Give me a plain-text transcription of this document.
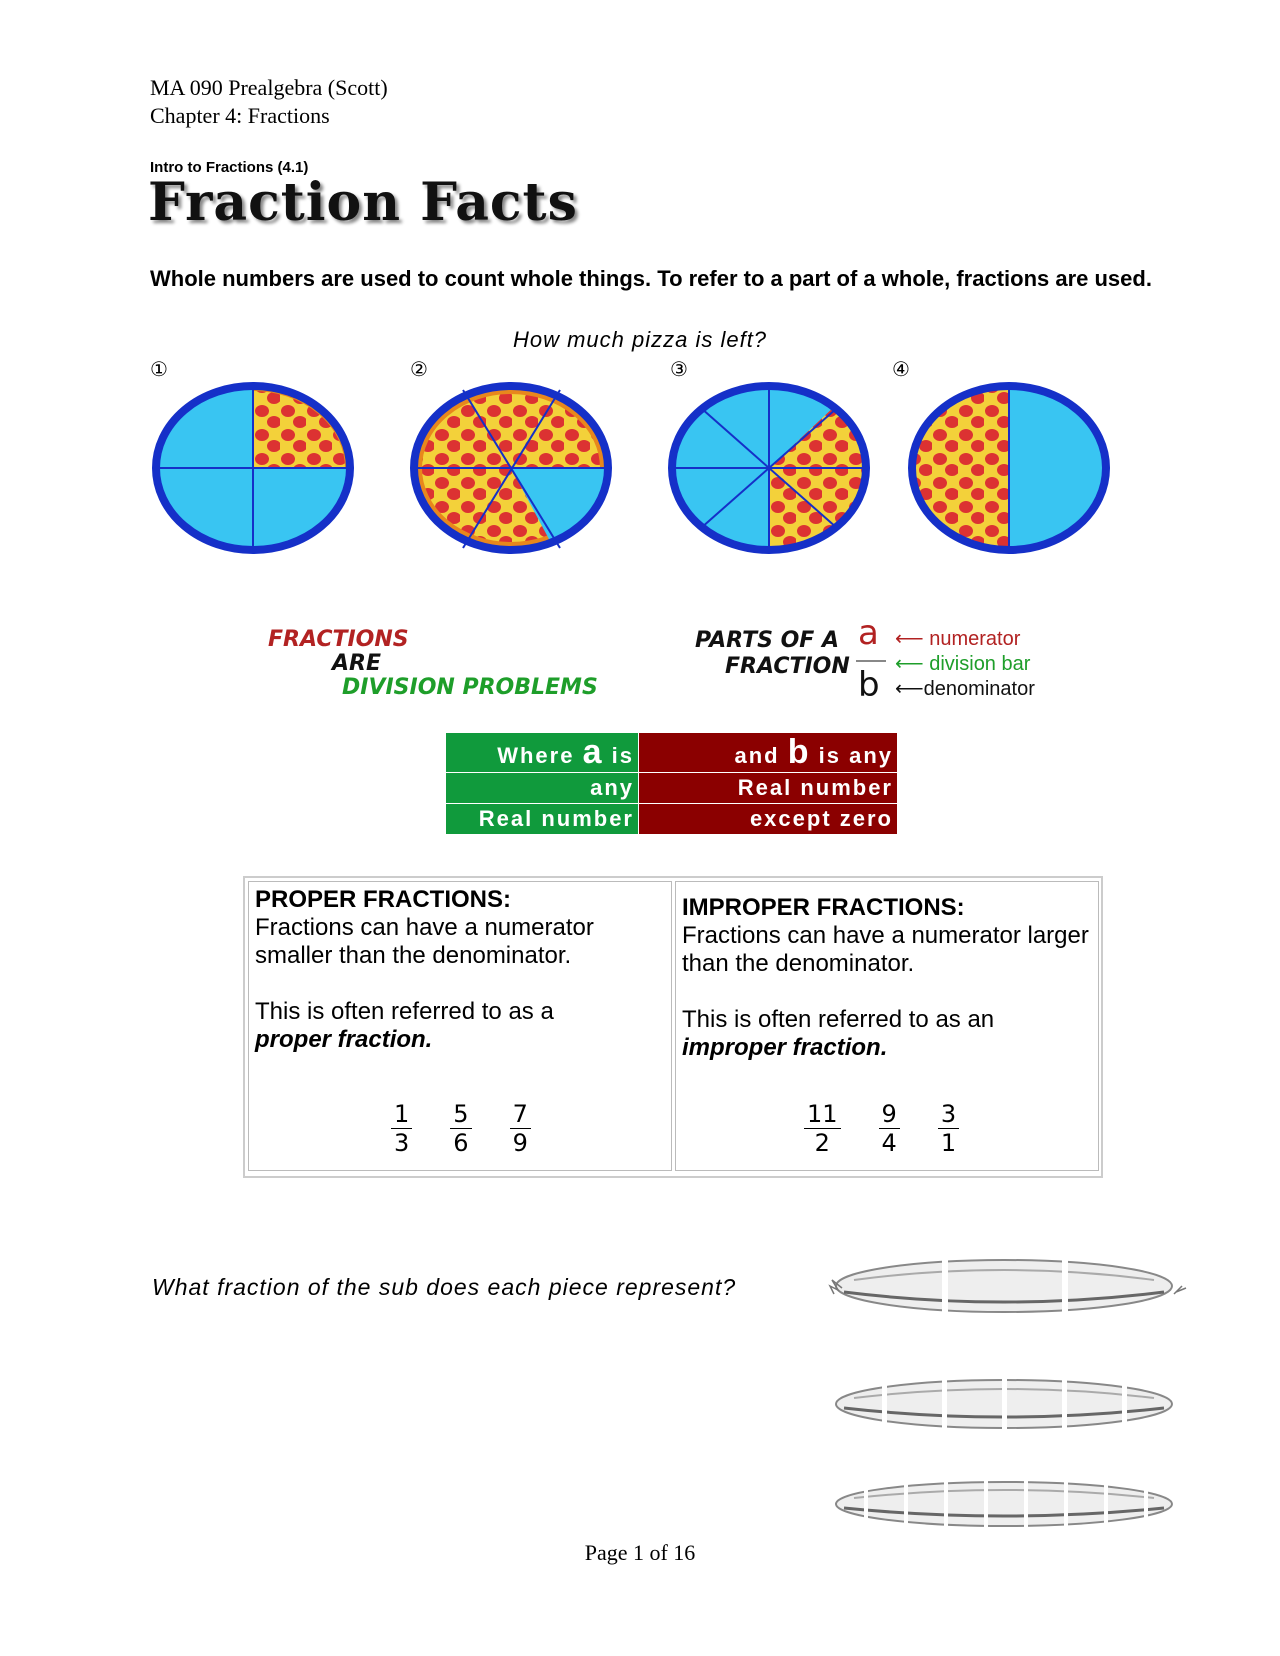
MA 090 Prealgebra (Scott)
Chapter 4: Fractions
Intro to Fractions (4.1)
Fraction Facts
Whole numbers are used to count whole things. To refer to a part of a whole, fractions are used.
How much pizza is left?
①	②	③	④
FRACTIONS
ARE
DIVISION PROBLEMS
PARTS OF A
FRACTION
a
b
⟵ numerator
⟵ division bar
⟵denominator
Where a is	and b is any
any	Real number
Real number	except zero
PROPER FRACTIONS:

Fractions can have a numerator smaller than the denominator.

This is often referred to as a
proper fraction.
$\frac{1}{3} \frac{5}{6} \frac{7}{9}$
IMPROPER FRACTIONS:

Fractions can have a numerator larger than the denominator.

This is often referred to as an
improper fraction.
$\frac{11}{2} \frac{9}{4} \frac{3}{1}$
What fraction of the sub does each piece represent?
Page 1 of 16
